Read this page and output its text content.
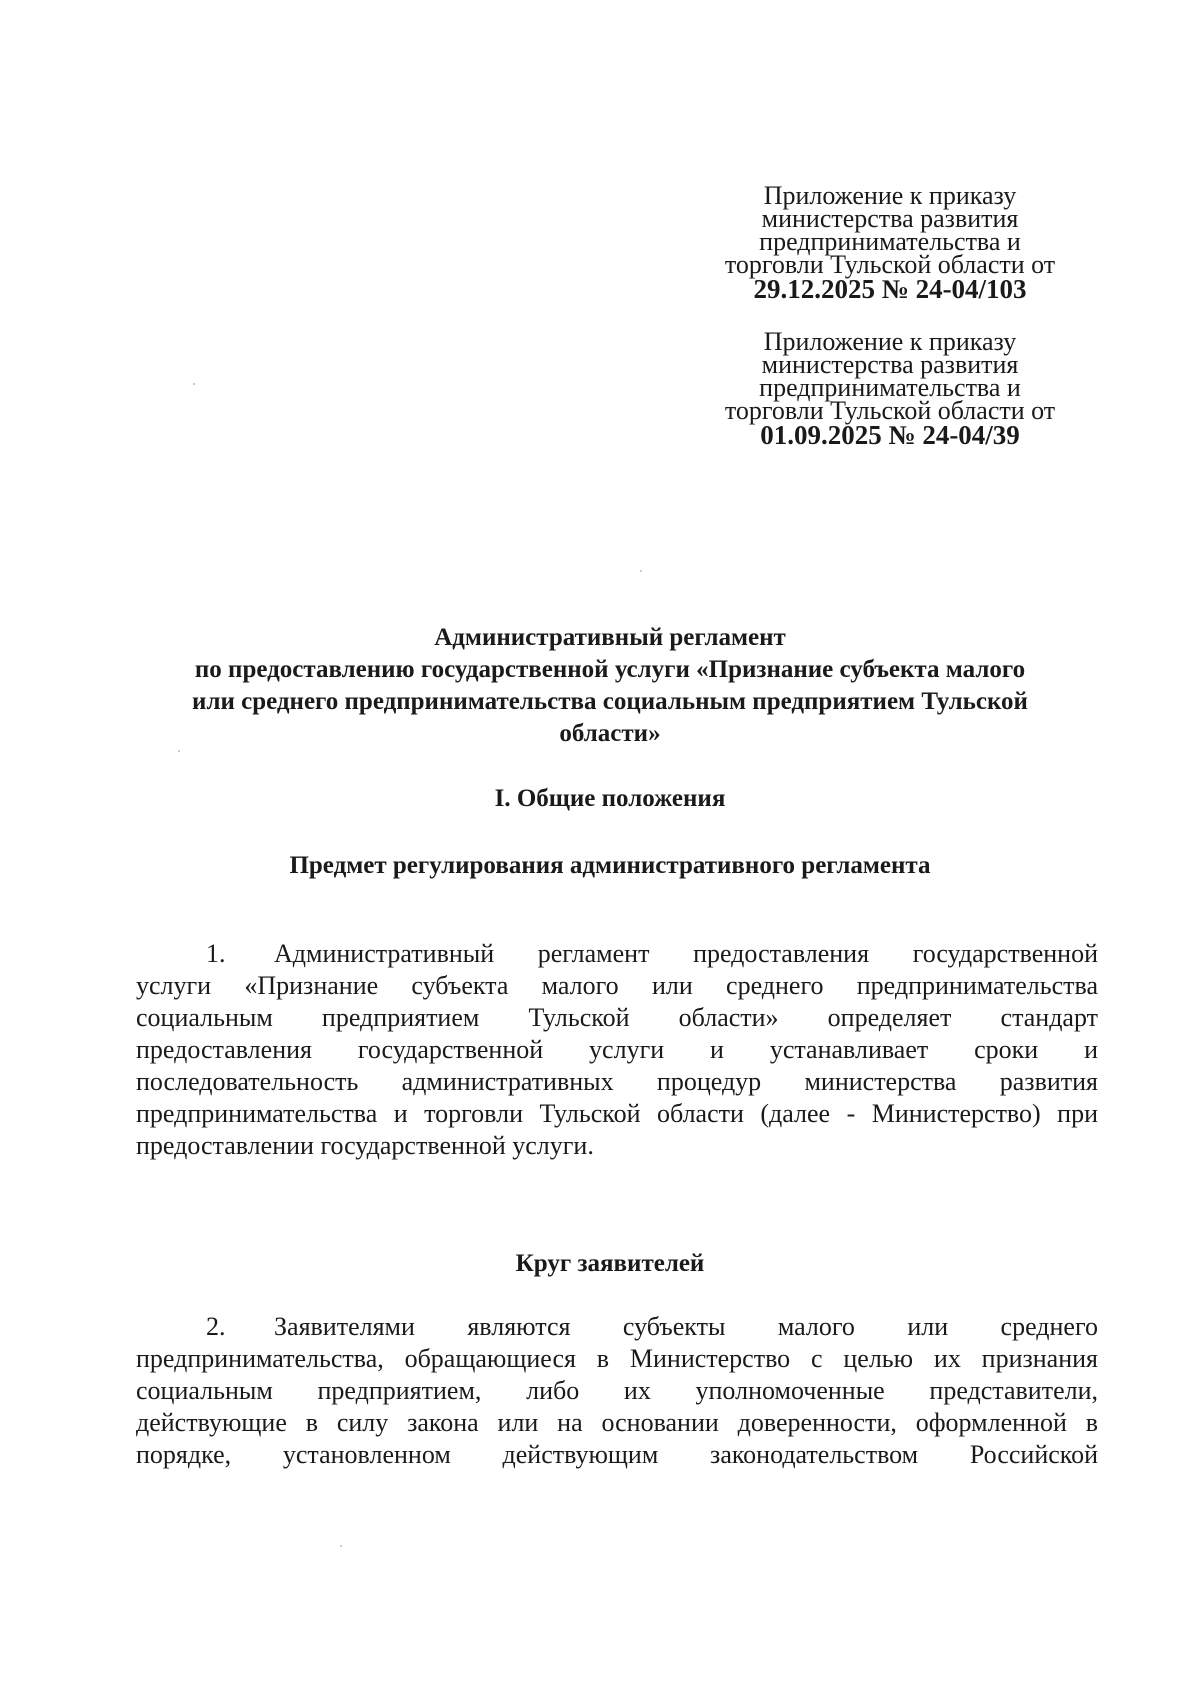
Приложение к приказу
министерства развития
предпринимательства и
торговли Тульской области от
29.12.2025 № 24-04/103
Приложение к приказу
министерства развития
предпринимательства и
торговли Тульской области от
01.09.2025 № 24-04/39
Административный регламент
по предоставлению государственной услуги «Признание субъекта малого
или среднего предпринимательства социальным предприятием Тульской
области»
I. Общие положения
Предмет регулирования административного регламента
1. Административный регламент предоставления государственной
услуги «Признание субъекта малого или среднего предпринимательства
социальным предприятием Тульской области» определяет стандарт
предоставления государственной услуги и устанавливает сроки и
последовательность административных процедур министерства развития
предпринимательства и торговли Тульской области (далее - Министерство) при
предоставлении государственной услуги.
Круг заявителей
2. Заявителями являются субъекты малого или среднего
предпринимательства, обращающиеся в Министерство с целью их признания
социальным предприятием, либо их уполномоченные представители,
действующие в силу закона или на основании доверенности, оформленной в
порядке, установленном действующим законодательством Российской
